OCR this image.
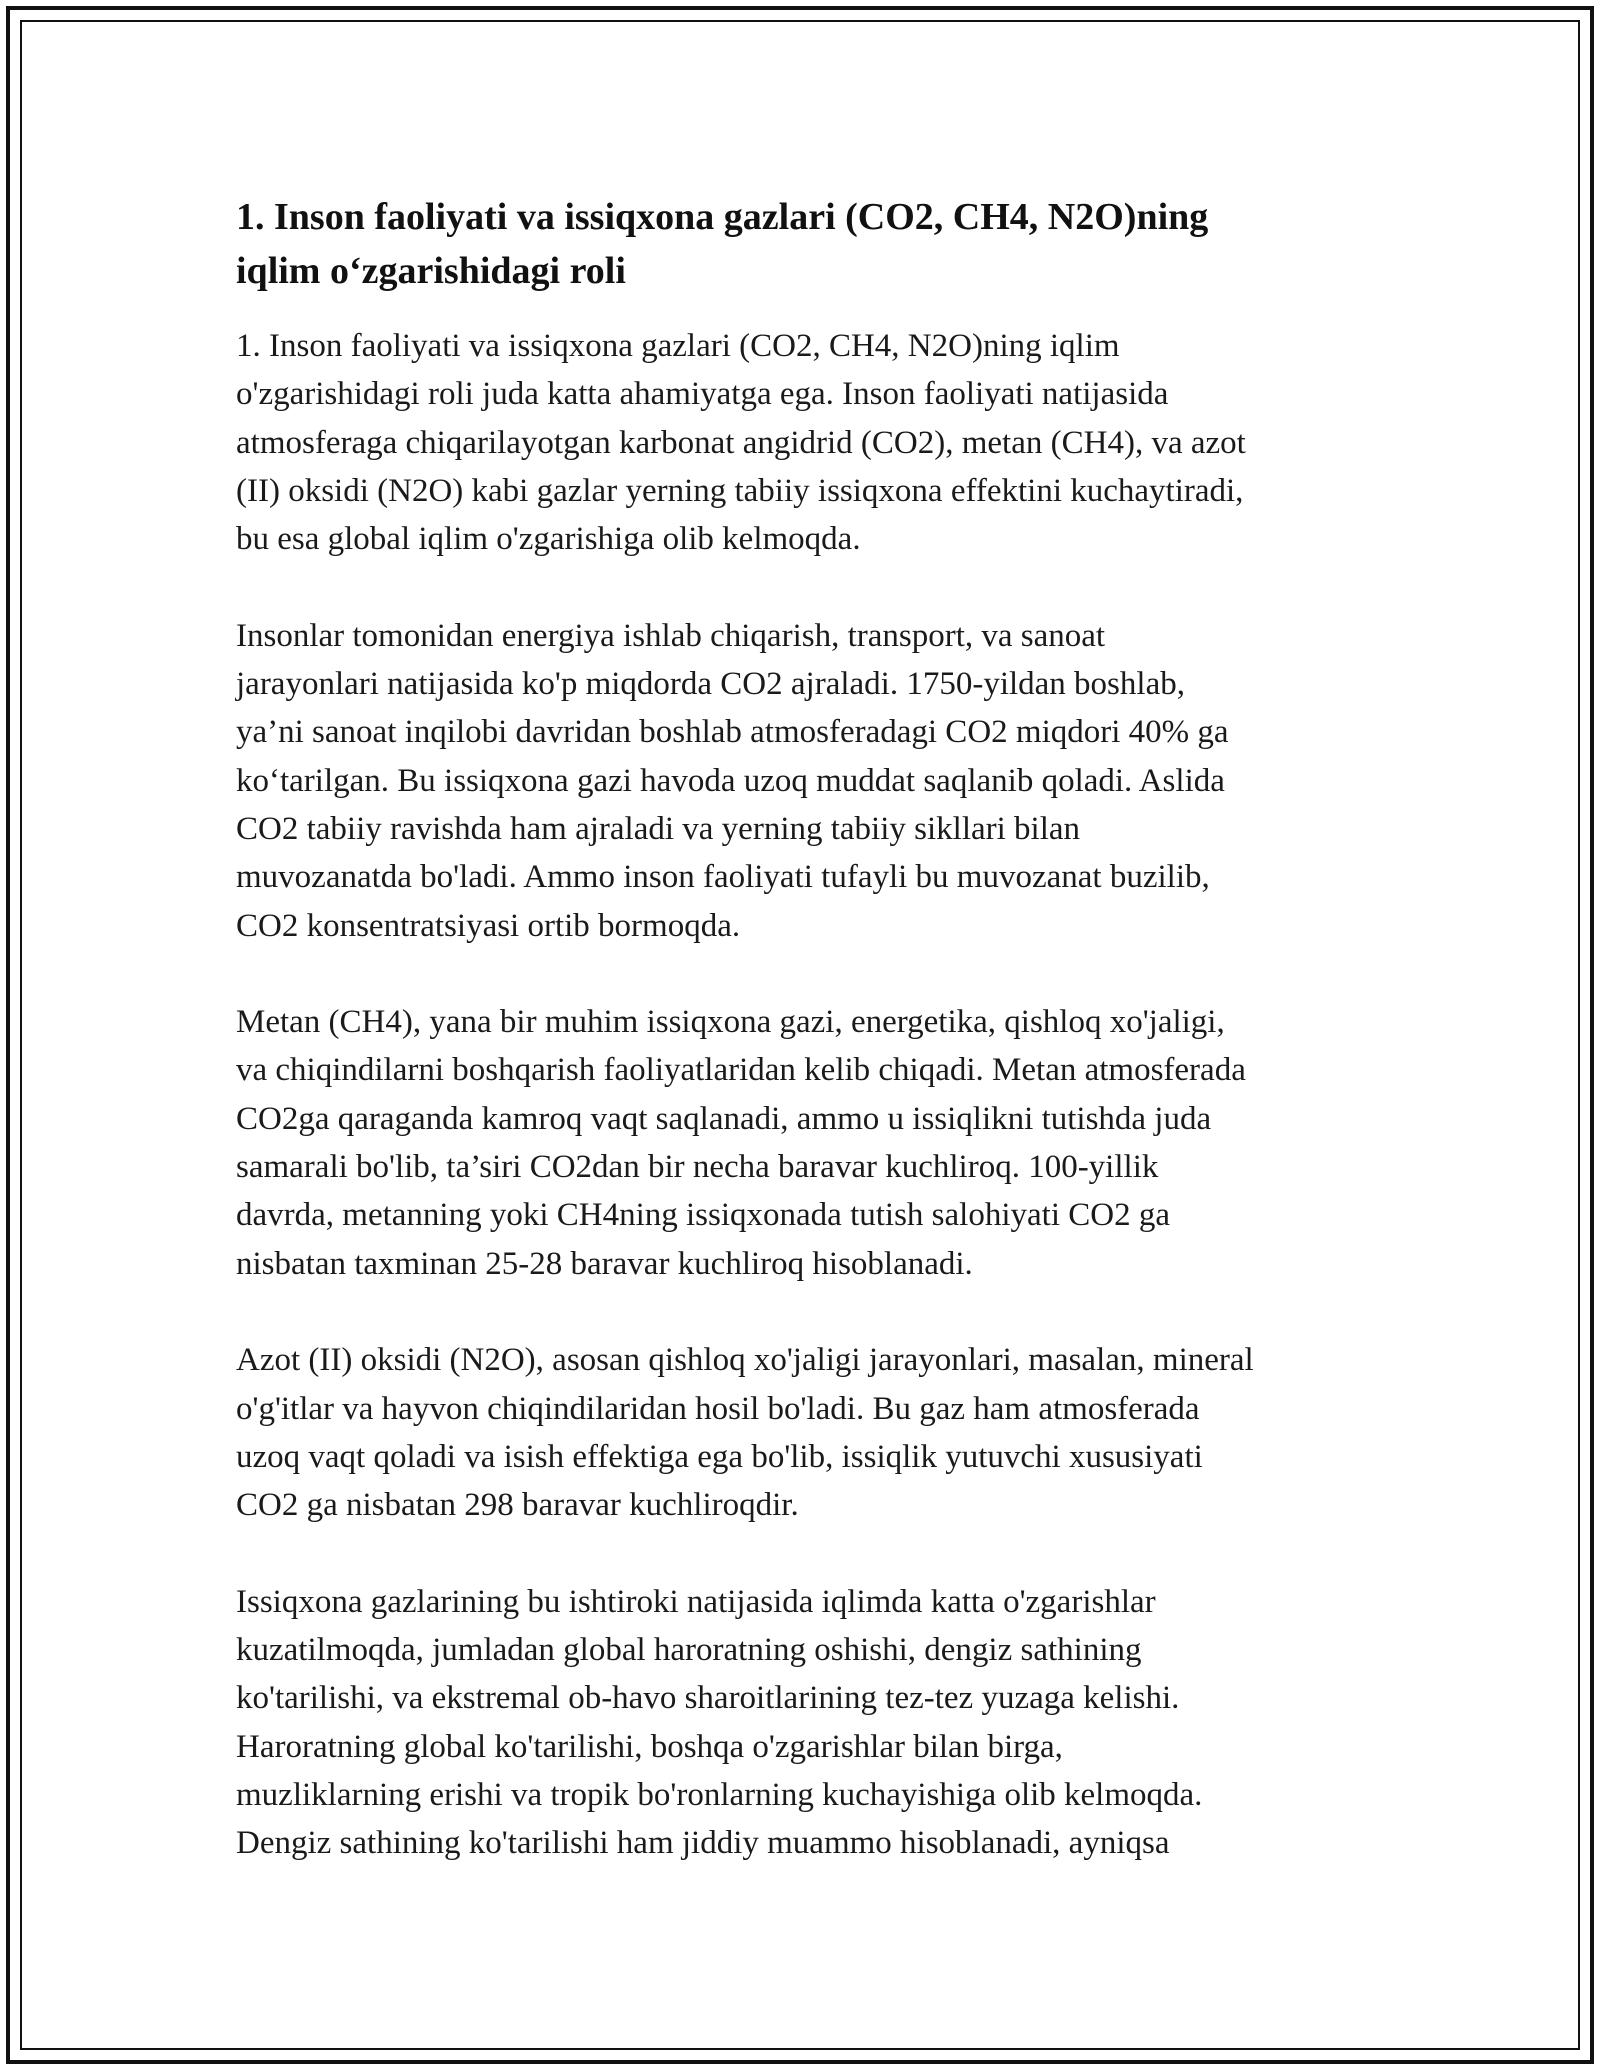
1. Inson faoliyati va issiqxona gazlari (CO2, CH4, N2O)ning
iqlim o‘zgarishidagi roli

1. Inson faoliyati va issiqxona gazlari (CO2, CH4, N2O)ning iqlim
o'zgarishidagi roli juda katta ahamiyatga ega. Inson faoliyati natijasida
atmosferaga chiqarilayotgan karbonat angidrid (CO2), metan (CH4), va azot
(II) oksidi (N2O) kabi gazlar yerning tabiiy issiqxona effektini kuchaytiradi,
bu esa global iqlim o'zgarishiga olib kelmoqda.

Insonlar tomonidan energiya ishlab chiqarish, transport, va sanoat
jarayonlari natijasida ko'p miqdorda CO2 ajraladi. 1750-yildan boshlab,
ya’ni sanoat inqilobi davridan boshlab atmosferadagi CO2 miqdori 40% ga
ko‘tarilgan. Bu issiqxona gazi havoda uzoq muddat saqlanib qoladi. Aslida
CO2 tabiiy ravishda ham ajraladi va yerning tabiiy sikllari bilan
muvozanatda bo'ladi. Ammo inson faoliyati tufayli bu muvozanat buzilib,
CO2 konsentratsiyasi ortib bormoqda.

Metan (CH4), yana bir muhim issiqxona gazi, energetika, qishloq xo'jaligi,
va chiqindilarni boshqarish faoliyatlaridan kelib chiqadi. Metan atmosferada
CO2ga qaraganda kamroq vaqt saqlanadi, ammo u issiqlikni tutishda juda
samarali bo'lib, ta’siri CO2dan bir necha baravar kuchliroq. 100-yillik
davrda, metanning yoki CH4ning issiqxonada tutish salohiyati CO2 ga
nisbatan taxminan 25-28 baravar kuchliroq hisoblanadi.

Azot (II) oksidi (N2O), asosan qishloq xo'jaligi jarayonlari, masalan, mineral
o'g'itlar va hayvon chiqindilaridan hosil bo'ladi. Bu gaz ham atmosferada
uzoq vaqt qoladi va isish effektiga ega bo'lib, issiqlik yutuvchi xususiyati
CO2 ga nisbatan 298 baravar kuchliroqdir.

Issiqxona gazlarining bu ishtiroki natijasida iqlimda katta o'zgarishlar
kuzatilmoqda, jumladan global haroratning oshishi, dengiz sathining
ko'tarilishi, va ekstremal ob-havo sharoitlarining tez-tez yuzaga kelishi.
Haroratning global ko'tarilishi, boshqa o'zgarishlar bilan birga,
muzliklarning erishi va tropik bo'ronlarning kuchayishiga olib kelmoqda.
Dengiz sathining ko'tarilishi ham jiddiy muammo hisoblanadi, ayniqsa
